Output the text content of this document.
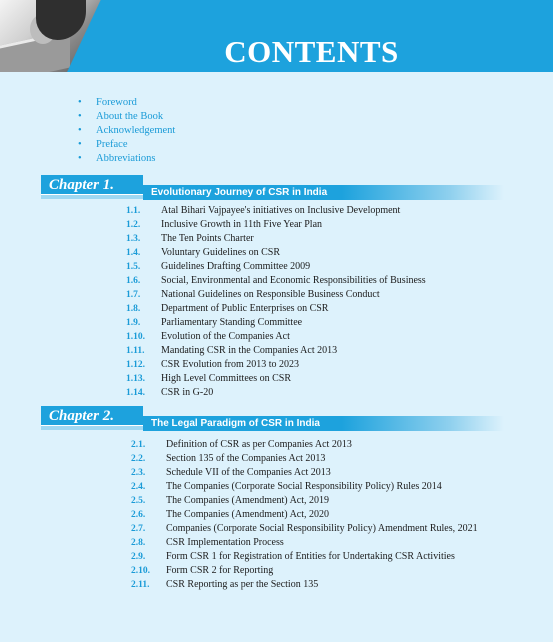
CONTENTS
• Foreword
• About the Book
• Acknowledgement
• Preface
• Abbreviations
Chapter 1.	Evolutionary Journey of CSR in India
1.1. Atal Bihari Vajpayee's initiatives on Inclusive Development
1.2. Inclusive Growth in 11th Five Year Plan
1.3. The Ten Points Charter
1.4. Voluntary Guidelines on CSR
1.5. Guidelines Drafting Committee 2009
1.6. Social, Environmental and Economic Responsibilities of Business
1.7. National Guidelines on Responsible Business Conduct
1.8. Department of Public Enterprises on CSR
1.9. Parliamentary Standing Committee
1.10. Evolution of the Companies Act
1.11. Mandating CSR in the Companies Act 2013
1.12. CSR Evolution from 2013 to 2023
1.13. High Level Committees on CSR
1.14. CSR in G-20
Chapter 2.	The Legal Paradigm of CSR in India
2.1. Definition of CSR as per Companies Act 2013
2.2. Section 135 of the Companies Act 2013
2.3. Schedule VII of the Companies Act 2013
2.4. The Companies (Corporate Social Responsibility Policy) Rules 2014
2.5. The Companies (Amendment) Act, 2019
2.6. The Companies (Amendment) Act, 2020
2.7. Companies (Corporate Social Responsibility Policy) Amendment Rules, 2021
2.8. CSR Implementation Process
2.9. Form CSR 1 for Registration of Entities for Undertaking CSR Activities
2.10. Form CSR 2 for Reporting
2.11. CSR Reporting as per the Section 135
